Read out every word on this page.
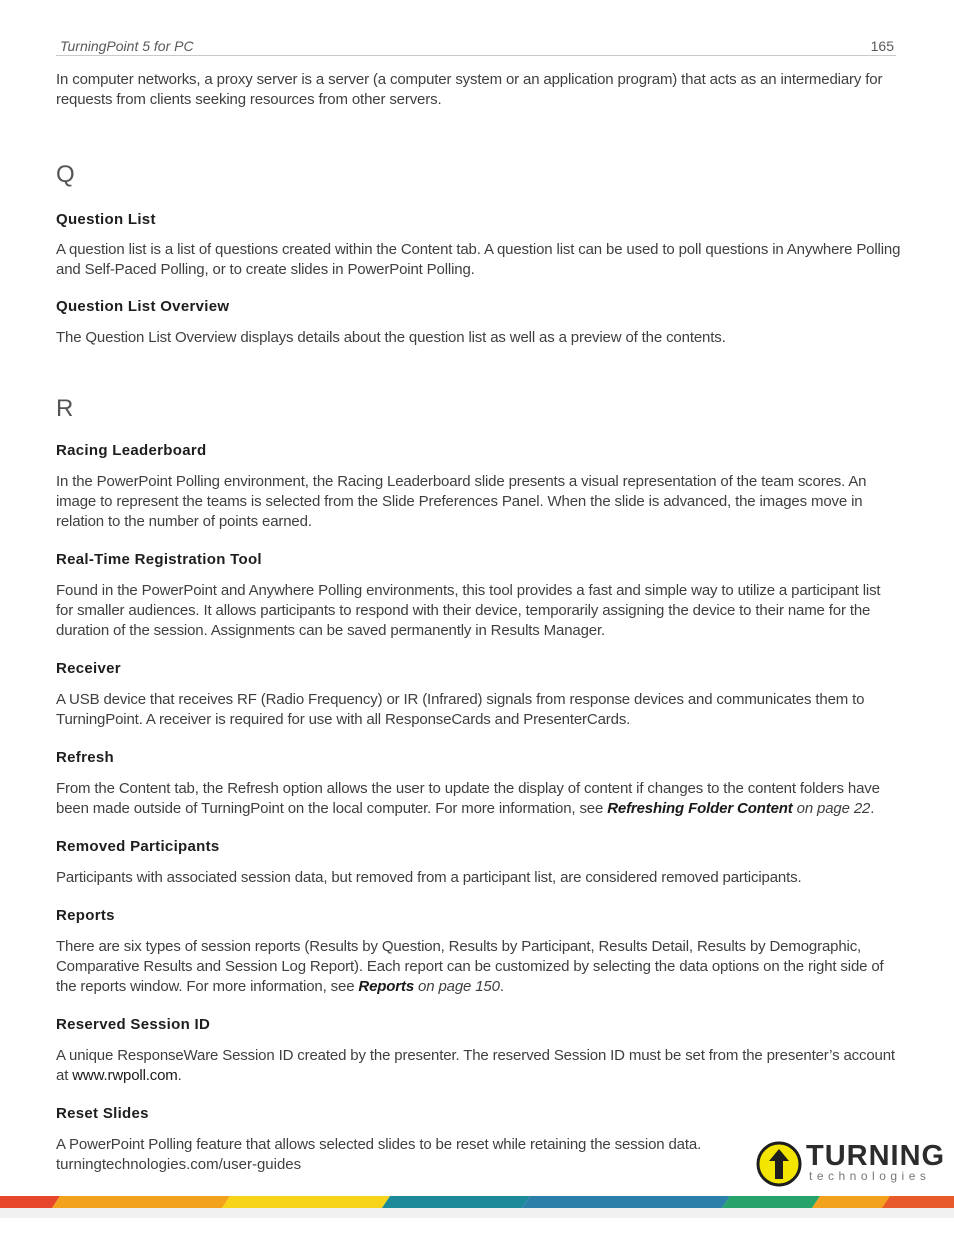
TurningPoint 5 for PC	165

In computer networks, a proxy server is a server (a computer system or an application program) that acts as an intermediary for requests from clients seeking resources from other servers.

Q
Question List

A question list is a list of questions created within the Content tab. A question list can be used to poll questions in Anywhere Polling and Self-Paced Polling, or to create slides in PowerPoint Polling.

Question List Overview

The Question List Overview displays details about the question list as well as a preview of the contents.

R
Racing Leaderboard

In the PowerPoint Polling environment, the Racing Leaderboard slide presents a visual representation of the team scores. An image to represent the teams is selected from the Slide Preferences Panel. When the slide is advanced, the images move in relation to the number of points earned.

Real-Time Registration Tool

Found in the PowerPoint and Anywhere Polling environments, this tool provides a fast and simple way to utilize a participant list for smaller audiences. It allows participants to respond with their device, temporarily assigning the device to their name for the duration of the session. Assignments can be saved permanently in Results Manager.

Receiver

A USB device that receives RF (Radio Frequency) or IR (Infrared) signals from response devices and communicates them to TurningPoint. A receiver is required for use with all ResponseCards and PresenterCards.

Refresh

From the Content tab, the Refresh option allows the user to update the display of content if changes to the content folders have been made outside of TurningPoint on the local computer. For more information, see Refreshing Folder Content on page 22.

Removed Participants

Participants with associated session data, but removed from a participant list, are considered removed participants.

Reports

There are six types of session reports (Results by Question, Results by Participant, Results Detail, Results by Demographic, Comparative Results and Session Log Report). Each report can be customized by selecting the data options on the right side of the reports window. For more information, see Reports on page 150.

Reserved Session ID

A unique ResponseWare Session ID created by the presenter. The reserved Session ID must be set from the presenter’s account at www.rwpoll.com.

Reset Slides

A PowerPoint Polling feature that allows selected slides to be reset while retaining the session data.

turningtechnologies.com/user-guides	TURNING
technologies
